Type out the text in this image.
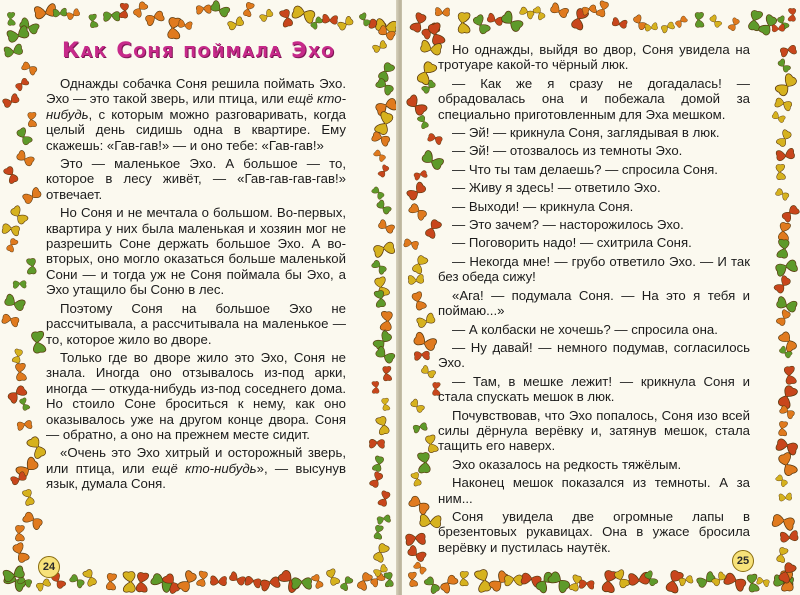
Как Соня поймала Эхо

Однажды собачка Соня решила поймать Эхо. Эхо — это такой зверь, или птица, или ещё кто-нибудь, с которым можно разговаривать, когда целый день сидишь одна в квартире. Ему скажешь: «Гав-гав!» — и оно тебе: «Гав-гав!»

Это — маленькое Эхо. А большое — то, которое в лесу живёт, — «Гав-гав-гав-гав!» отвечает.

Но Соня и не мечтала о большом. Во-первых, квартира у них была маленькая и хозяин мог не разрешить Соне держать большое Эхо. А во-вторых, оно могло оказаться больше маленькой Сони — и тогда уж не Соня поймала бы Эхо, а Эхо утащило бы Соню в лес.

Поэтому Соня на большое Эхо не рассчитывала, а рассчитывала на маленькое — то, которое жило во дворе.

Только где во дворе жило это Эхо, Соня не знала. Иногда оно отзывалось из-под арки, иногда — откуда-нибудь из-под соседнего дома. Но стоило Соне броситься к нему, как оно оказывалось уже на другом конце двора. Соня — обратно, а оно на прежнем месте сидит.

«Очень это Эхо хитрый и осторожный зверь, или птица, или ещё кто-нибудь», — высунув язык, думала Соня.

24

Но однажды, выйдя во двор, Соня увидела на тротуаре какой-то чёрный люк.

— Как же я сразу не догадалась! — обрадовалась она и побежала домой за специально приготовленным для Эха мешком.

— Эй! — крикнула Соня, заглядывая в люк.

— Эй! — отозвалось из темноты Эхо.

— Что ты там делаешь? — спросила Соня.

— Живу я здесь! — ответило Эхо.

— Выходи! — крикнула Соня.

— Это зачем? — насторожилось Эхо.

— Поговорить надо! — схитрила Соня.

— Некогда мне! — грубо ответило Эхо. — И так без обеда сижу!

«Ага! — подумала Соня. — На это я тебя и поймаю...»

— А колбаски не хочешь? — спросила она.

— Ну давай! — немного подумав, согласилось Эхо.

— Там, в мешке лежит! — крикнула Соня и стала спускать мешок в люк.

Почувствовав, что Эхо попалось, Соня изо всей силы дёрнула верёвку и, затянув мешок, стала тащить его наверх.

Эхо оказалось на редкость тяжёлым.

Наконец мешок показался из темноты. А за ним...

Соня увидела две огромные лапы в брезентовых рукавицах. Она в ужасе бросила верёвку и пустилась наутёк.

25
